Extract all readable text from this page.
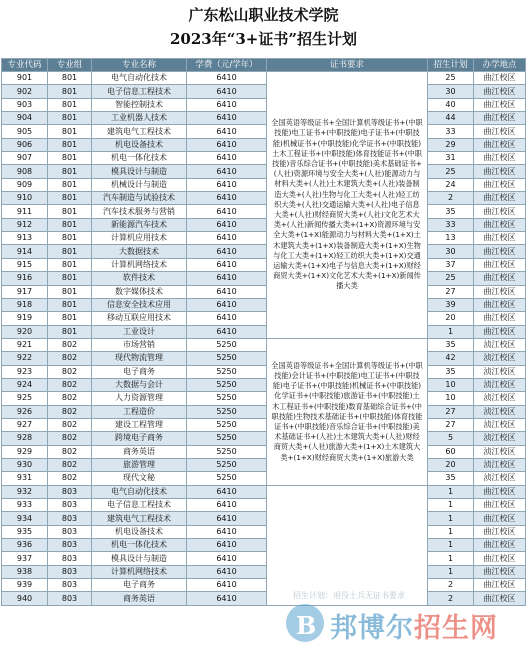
广东松山职业技术学院
2023年“3+证书”招生计划
专业代码	专业组	专业名称	学费（元/学年）	证书要求	招生计划	办学地点
901	801	电气自动化技术	6410	全国英语等级证书+全国计算机等级证书+(中职技能)电工证书+(中职技能)电子证书+(中职技能)机械证书+(中职技能)化学证书+(中职技能)土木工程证书+(中职技能)体育技能证书+(中职技能)音乐综合证书+(中职技能)美术基础证书+(人社)资源环境与安全大类+(人社)能源动力与材料大类+(人社)土木建筑大类+(人社)装备制造大类+(人社)生物与化工大类+(人社)轻工纺织大类+(人社)交通运输大类+(人社)电子信息大类+(人社)财经商贸大类+(人社)文化艺术大类+(人社)新闻传播大类+(1+X)资源环境与安全大类+(1+X)能源动力与材料大类+(1+X)土木建筑大类+(1+X)装备制造大类+(1+X)生物与化工大类+(1+X)轻工纺织大类+(1+X)交通运输大类+(1+X)电子与信息大类+(1+X)财经商贸大类+(1+X)文化艺术大类+(1+X)新闻传播大类	25	曲江校区
902	801	电子信息工程技术	6410		30	曲江校区
903	801	智能控制技术	6410		40	曲江校区
904	801	工业机器人技术	6410		44	曲江校区
905	801	建筑电气工程技术	6410		33	曲江校区
906	801	机电设备技术	6410		29	曲江校区
907	801	机电一体化技术	6410		31	曲江校区
908	801	模具设计与制造	6410		25	曲江校区
909	801	机械设计与制造	6410		24	曲江校区
910	801	汽车制造与试验技术	6410		2	曲江校区
911	801	汽车技术服务与营销	6410		35	曲江校区
912	801	新能源汽车技术	6410		33	曲江校区
913	801	计算机应用技术	6410		13	曲江校区
914	801	大数据技术	6410		30	曲江校区
915	801	计算机网络技术	6410		37	曲江校区
916	801	软件技术	6410		25	曲江校区
917	801	数字媒体技术	6410		27	曲江校区
918	801	信息安全技术应用	6410		39	曲江校区
919	801	移动互联应用技术	6410		20	曲江校区
920	801	工业设计	6410		1	曲江校区
921	802	市场营销	5250	全国英语等级证书+全国计算机等级证书+(中职技能)会计证书+(中职技能)电工证书+(中职技能)电子证书+(中职技能)机械证书+(中职技能)化学证书+(中职技能)旅游证书+(中职技能)土木工程证书+(中职技能)数育基础综合证书+(中职技能)生物技术基础证书+(中职技能)体育技能证书+(中职技能)音乐综合证书+(中职技能)美术基础证书+(人社)土木建筑大类+(人社)财经商贸大类+(人社)旅游大类+(1+X)土木建筑大类+(1+X)财经商贸大类+(1+X)旅游大类	35	浈江校区
922	802	现代物流管理	5250		42	浈江校区
923	802	电子商务	5250		35	浈江校区
924	802	大数据与会计	5250		10	浈江校区
925	802	人力资源管理	5250		10	浈江校区
926	802	工程造价	5250		27	浈江校区
927	802	建设工程管理	5250		27	浈江校区
928	802	跨境电子商务	5250		5	浈江校区
929	802	商务英语	5250		60	浈江校区
930	802	旅游管理	5250		20	浈江校区
931	802	现代文秘	5250		35	浈江校区
932	803	电气自动化技术	6410		1	曲江校区
933	803	电子信息工程技术	6410		1	曲江校区
934	803	建筑电气工程技术	6410		1	曲江校区
935	803	机电设备技术	6410		1	曲江校区
936	803	机电一体化技术	6410		1	曲江校区
937	803	模具设计与制造	6410		1	曲江校区
938	803	计算机网络技术	6410		1	曲江校区
939	803	电子商务	6410		2	曲江校区
940	803	商务英语	6410		2	曲江校区
招生计划：退役士兵无证书要求
B 邦博尔招生网
